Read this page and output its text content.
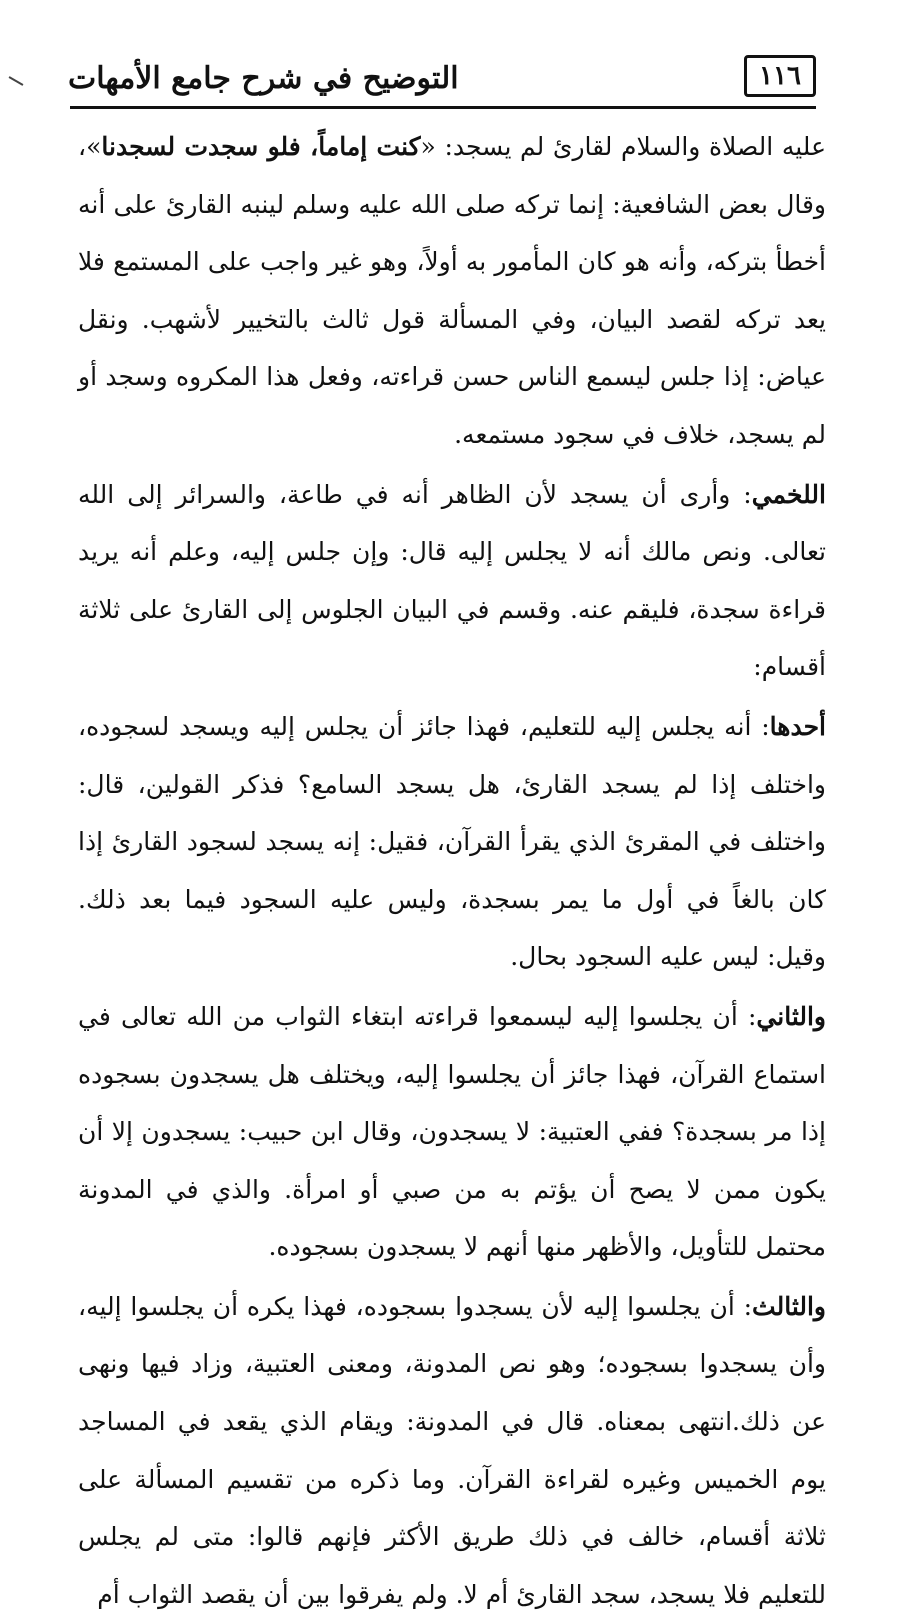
١١٦
التوضيح في شرح جامع الأمهات

عليه الصلاة والسلام لقارئ لم يسجد: «كنت إماماً، فلو سجدت لسجدنا»، وقال بعض الشافعية: إنما تركه صلى الله عليه وسلم لينبه القارئ على أنه أخطأ بتركه، وأنه هو كان المأمور به أولاً، وهو غير واجب على المستمع فلا يعد تركه لقصد البيان، وفي المسألة قول ثالث بالتخيير لأشهب. ونقل عياض: إذا جلس ليسمع الناس حسن قراءته، وفعل هذا المكروه وسجد أو لم يسجد، خلاف في سجود مستمعه.

اللخمي: وأرى أن يسجد لأن الظاهر أنه في طاعة، والسرائر إلى الله تعالى. ونص مالك أنه لا يجلس إليه قال: وإن جلس إليه، وعلم أنه يريد قراءة سجدة، فليقم عنه. وقسم في البيان الجلوس إلى القارئ على ثلاثة أقسام:

أحدها: أنه يجلس إليه للتعليم، فهذا جائز أن يجلس إليه ويسجد لسجوده، واختلف إذا لم يسجد القارئ، هل يسجد السامع؟ فذكر القولين، قال: واختلف في المقرئ الذي يقرأ القرآن، فقيل: إنه يسجد لسجود القارئ إذا كان بالغاً في أول ما يمر بسجدة، وليس عليه السجود فيما بعد ذلك. وقيل: ليس عليه السجود بحال.

والثاني: أن يجلسوا إليه ليسمعوا قراءته ابتغاء الثواب من الله تعالى في استماع القرآن، فهذا جائز أن يجلسوا إليه، ويختلف هل يسجدون بسجوده إذا مر بسجدة؟ ففي العتبية: لا يسجدون، وقال ابن حبيب: يسجدون إلا أن يكون ممن لا يصح أن يؤتم به من صبي أو امرأة. والذي في المدونة محتمل للتأويل، والأظهر منها أنهم لا يسجدون بسجوده.

والثالث: أن يجلسوا إليه لأن يسجدوا بسجوده، فهذا يكره أن يجلسوا إليه، وأن يسجدوا بسجوده؛ وهو نص المدونة، ومعنى العتبية، وزاد فيها ونهى عن ذلك.انتهى بمعناه. قال في المدونة: ويقام الذي يقعد في المساجد يوم الخميس وغيره لقراءة القرآن. وما ذكره من تقسيم المسألة على ثلاثة أقسام، خالف في ذلك طريق الأكثر فإنهم قالوا: متى لم يجلس للتعليم فلا يسجد، سجد القارئ أم لا. ولم يفرقوا بين أن يقصد الثواب أم
